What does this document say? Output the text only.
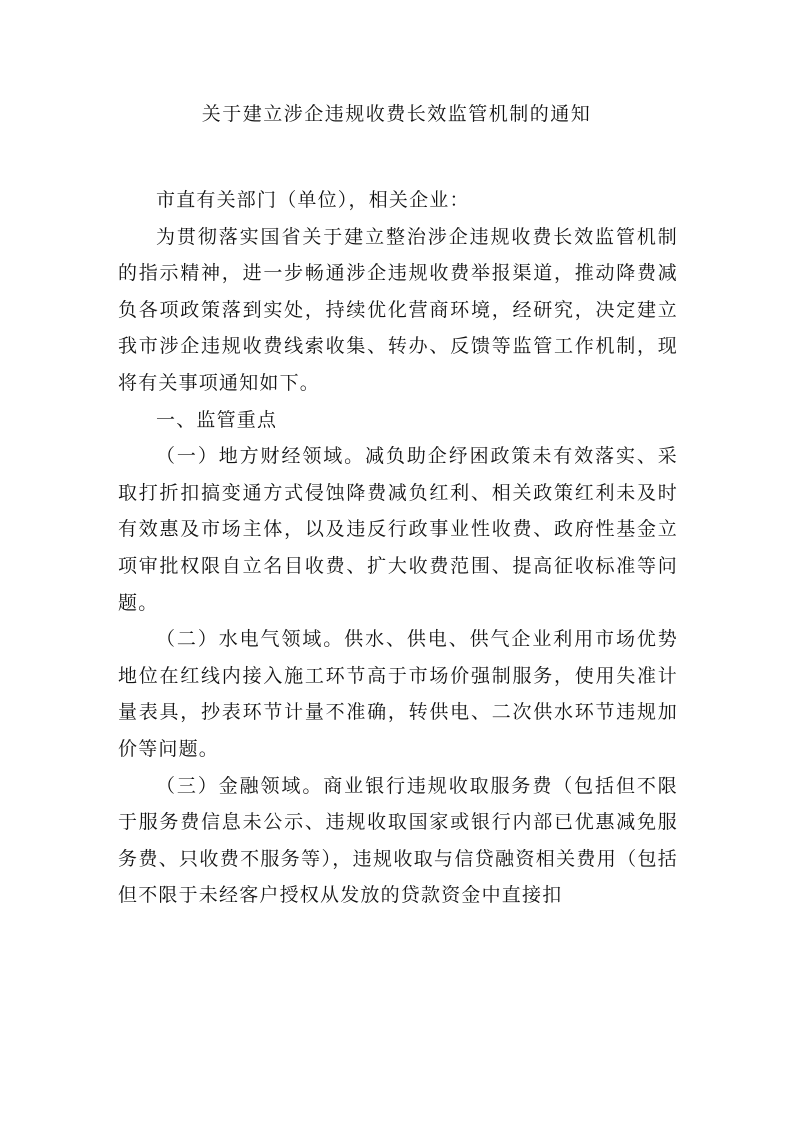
关于建立涉企违规收费长效监管机制的通知

市直有关部门（单位），相关企业：

为贯彻落实国省关于建立整治涉企违规收费长效监管机制的指示精神，进一步畅通涉企违规收费举报渠道，推动降费减负各项政策落到实处，持续优化营商环境，经研究，决定建立我市涉企违规收费线索收集、转办、反馈等监管工作机制，现将有关事项通知如下。

一、监管重点

（一）地方财经领域。减负助企纾困政策未有效落实、采取打折扣搞变通方式侵蚀降费减负红利、相关政策红利未及时有效惠及市场主体，以及违反行政事业性收费、政府性基金立项审批权限自立名目收费、扩大收费范围、提高征收标准等问题。

（二）水电气领域。供水、供电、供气企业利用市场优势地位在红线内接入施工环节高于市场价强制服务，使用失准计量表具，抄表环节计量不准确，转供电、二次供水环节违规加价等问题。

（三）金融领域。商业银行违规收取服务费（包括但不限于服务费信息未公示、违规收取国家或银行内部已优惠减免服务费、只收费不服务等），违规收取与信贷融资相关费用（包括但不限于未经客户授权从发放的贷款资金中直接扣
